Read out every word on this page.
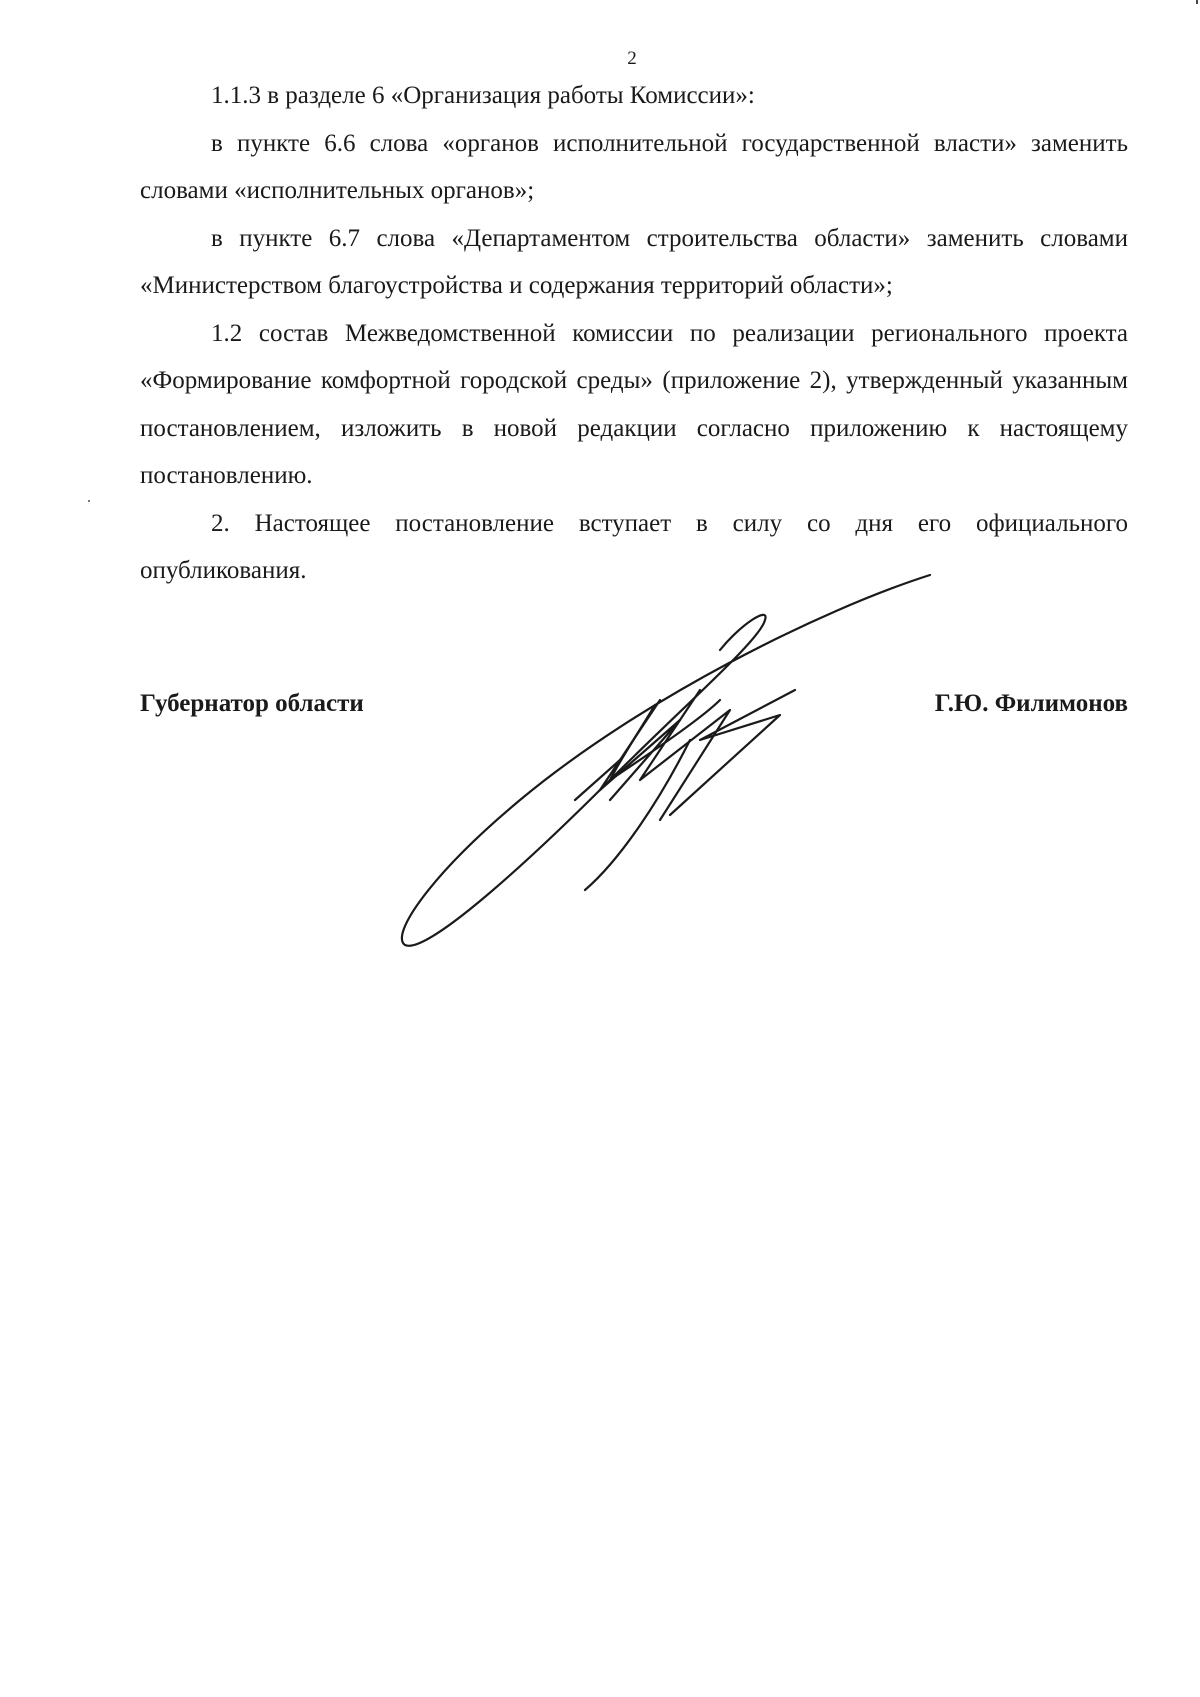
2

1.1.3 в разделе 6 «Организация работы Комиссии»:

в пункте 6.6 слова «органов исполнительной государственной власти» заменить словами «исполнительных органов»;

в пункте 6.7 слова «Департаментом строительства области» заменить словами «Министерством благоустройства и содержания территорий области»;

1.2 состав Межведомственной комиссии по реализации регионального проекта «Формирование комфортной городской среды» (приложение 2), утвержденный указанным постановлением, изложить в новой редакции согласно приложению к настоящему постановлению.

2. Настоящее постановление вступает в силу со дня его официального опубликования.

Губернатор области	Г.Ю. Филимонов
